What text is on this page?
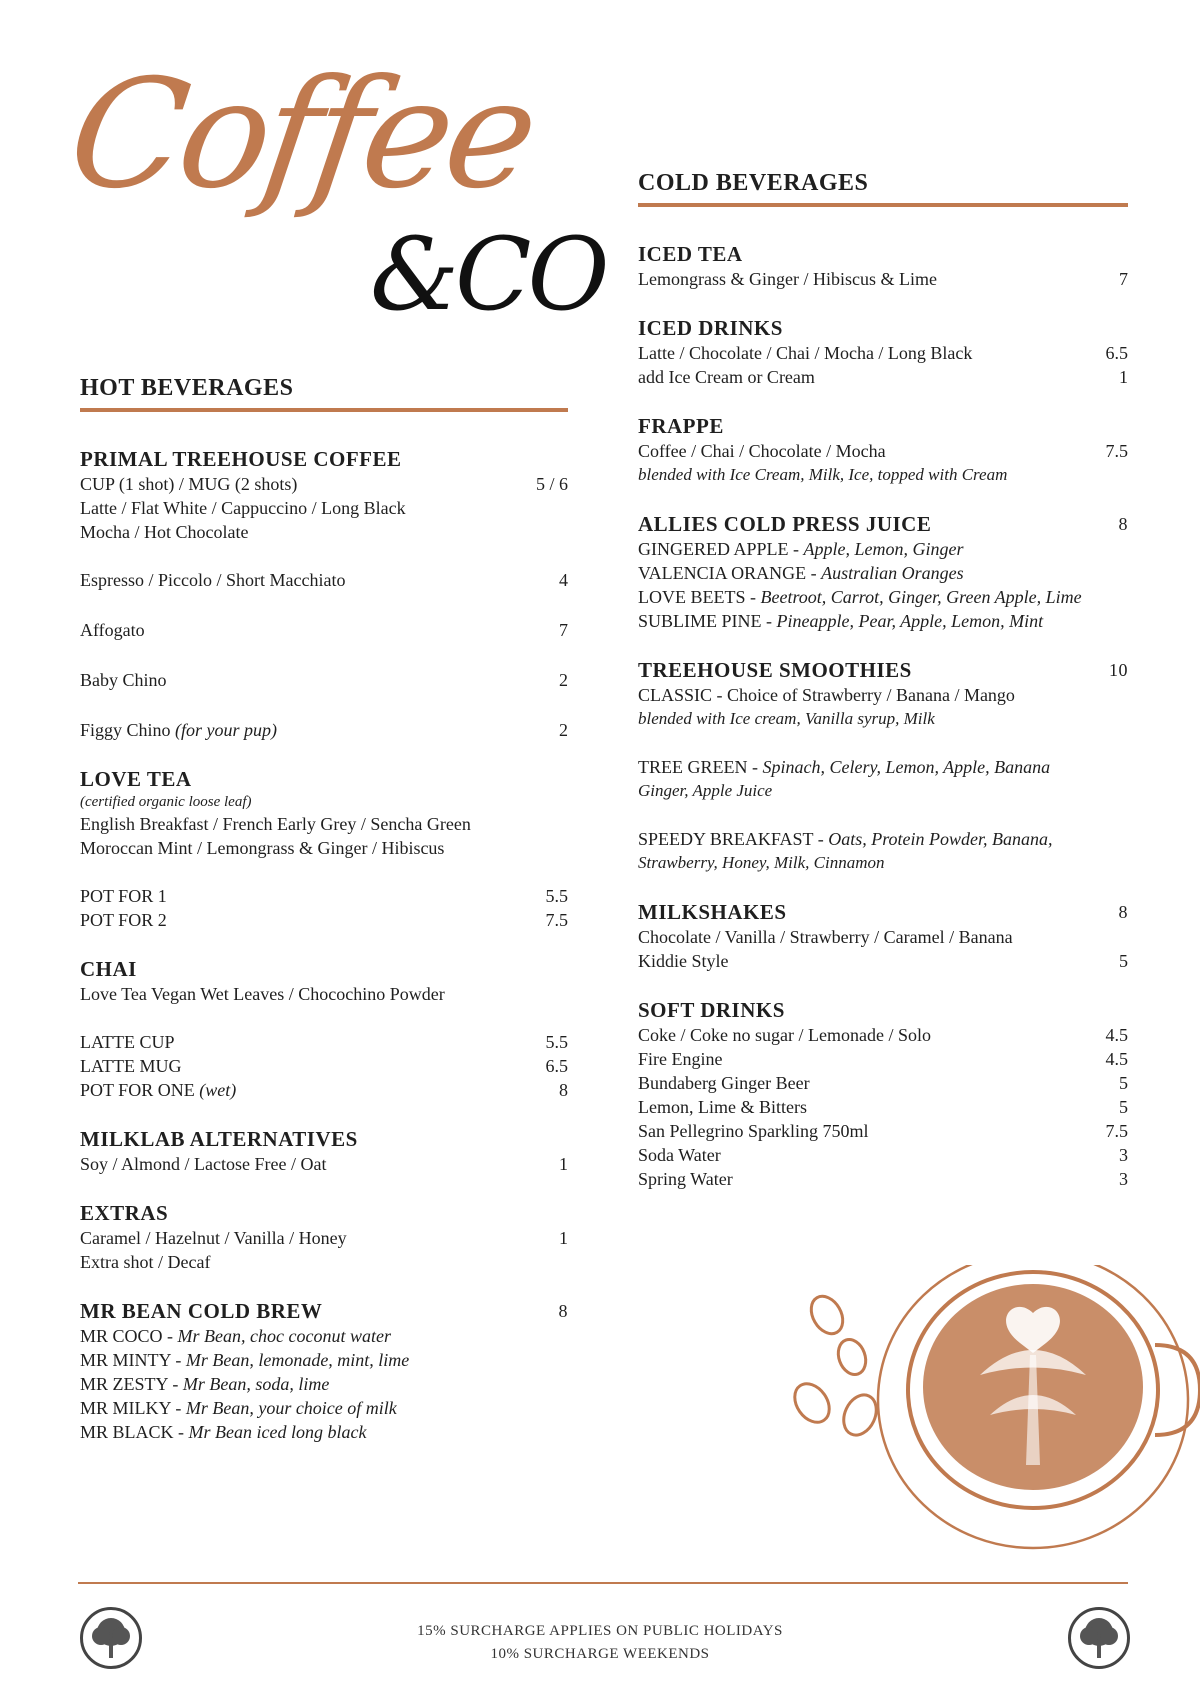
Coffee
&CO
HOT BEVERAGES
PRIMAL TREEHOUSE COFFEE
CUP (1 shot) / MUG (2 shots)	5 / 6
Latte / Flat White / Cappuccino / Long Black
Mocha / Hot Chocolate
Espresso / Piccolo / Short Macchiato	4
Affogato	7
Baby Chino	2
Figgy Chino (for your pup)	2
LOVE TEA
(certified organic loose leaf)
English Breakfast / French Early Grey / Sencha Green
Moroccan Mint / Lemongrass & Ginger / Hibiscus
POT FOR 1	5.5
POT FOR 2	7.5
CHAI
Love Tea Vegan Wet Leaves / Chocochino Powder
LATTE CUP	5.5
LATTE MUG	6.5
POT FOR ONE (wet)	8
MILKLAB ALTERNATIVES
Soy / Almond / Lactose Free / Oat	1
EXTRAS
Caramel / Hazelnut / Vanilla / Honey	1
Extra shot / Decaf
MR BEAN COLD BREW	8
MR COCO - Mr Bean, choc coconut water
MR MINTY - Mr Bean, lemonade, mint, lime
MR ZESTY - Mr Bean, soda, lime
MR MILKY - Mr Bean, your choice of milk
MR BLACK - Mr Bean iced long black
COLD BEVERAGES
ICED TEA
Lemongrass & Ginger / Hibiscus & Lime	7
ICED DRINKS
Latte / Chocolate / Chai / Mocha / Long Black	6.5
add Ice Cream or Cream	1
FRAPPE
Coffee / Chai / Chocolate / Mocha	7.5
blended with Ice Cream, Milk, Ice, topped with Cream
ALLIES COLD PRESS JUICE	8
GINGERED APPLE - Apple, Lemon, Ginger
VALENCIA ORANGE - Australian Oranges
LOVE BEETS - Beetroot, Carrot, Ginger, Green Apple, Lime
SUBLIME PINE - Pineapple, Pear, Apple, Lemon, Mint
TREEHOUSE SMOOTHIES	10
CLASSIC - Choice of Strawberry / Banana / Mango
blended with Ice cream, Vanilla syrup, Milk
TREE GREEN - Spinach, Celery, Lemon, Apple, Banana
Ginger, Apple Juice
SPEEDY BREAKFAST - Oats, Protein Powder, Banana,
Strawberry, Honey, Milk, Cinnamon
MILKSHAKES	8
Chocolate / Vanilla / Strawberry / Caramel / Banana
Kiddie Style	5
SOFT DRINKS
Coke / Coke no sugar / Lemonade / Solo	4.5
Fire Engine	4.5
Bundaberg Ginger Beer	5
Lemon, Lime & Bitters	5
San Pellegrino Sparkling 750ml	7.5
Soda Water	3
Spring Water	3
15% SURCHARGE APPLIES ON PUBLIC HOLIDAYS
10% SURCHARGE WEEKENDS
